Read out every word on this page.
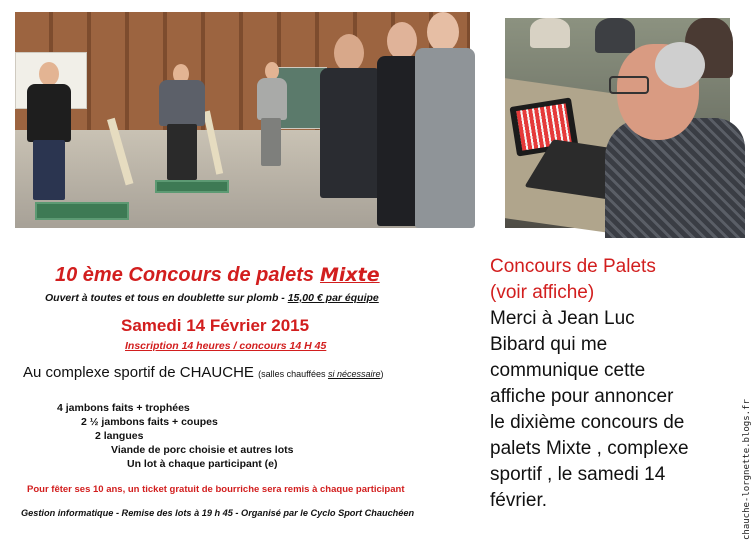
10 ème Concours de palets Mixte
Ouvert à toutes et tous en doublette sur plomb - 15,00 € par équipe
Samedi 14 Février 2015
Inscription 14 heures / concours 14 H 45
Au complexe sportif de CHAUCHE (salles chauffées si nécessaire)
4 jambons faits + trophées
2 ½ jambons faits + coupes
2 langues
Viande de porc choisie et autres lots
Un lot à chaque participant (e)
Pour fêter ses 10 ans, un ticket gratuit de bourriche sera remis à chaque participant
Gestion informatique - Remise des lots à 19 h 45 - Organisé par le Cyclo Sport Chauchéen

Concours de Palets

(voir affiche)

Merci à Jean Luc

Bibard qui me

communique cette

affiche pour annoncer

le dixième concours de

palets Mixte , complexe

sportif , le samedi 14

février.	chauche-lorgnette.blogs.fr
